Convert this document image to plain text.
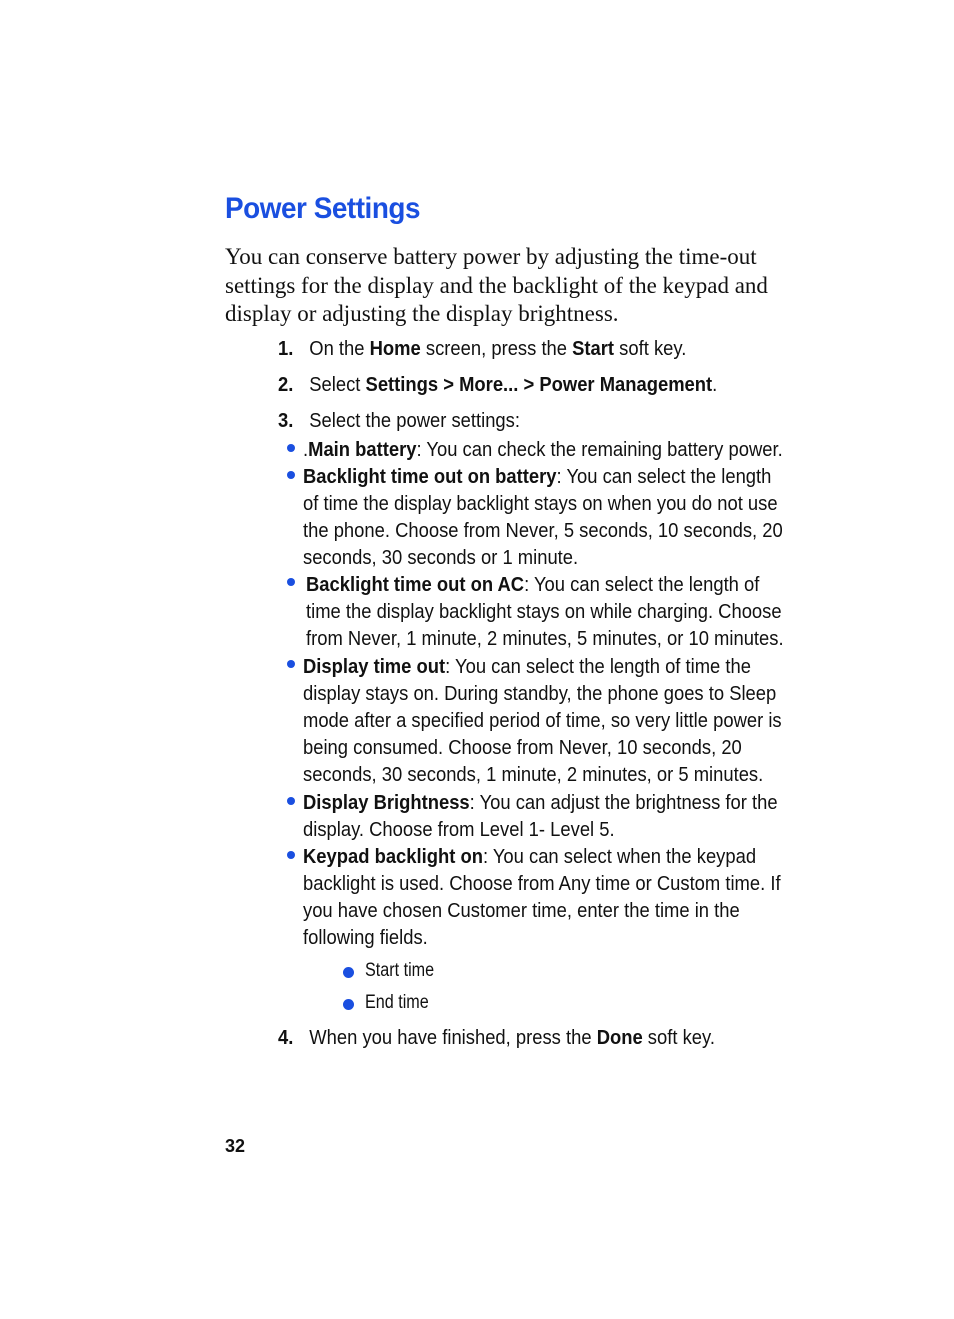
Power Settings
You can conserve battery power by adjusting the time-out settings for the display and the backlight of the keypad and display or adjusting the display brightness.
1. On the Home screen, press the Start soft key.
2. Select Settings > More... > Power Management.
3. Select the power settings:
.Main battery: You can check the remaining battery power.
Backlight time out on battery: You can select the length of time the display backlight stays on when you do not use the phone. Choose from Never, 5 seconds, 10 seconds, 20 seconds, 30 seconds or 1 minute.
Backlight time out on AC: You can select the length of time the display backlight stays on while charging. Choose from Never, 1 minute, 2 minutes, 5 minutes, or 10 minutes.
Display time out: You can select the length of time the display stays on. During standby, the phone goes to Sleep mode after a specified period of time, so very little power is being consumed. Choose from Never, 10 seconds, 20 seconds, 30 seconds, 1 minute, 2 minutes, or 5 minutes.
Display Brightness: You can adjust the brightness for the display. Choose from Level 1- Level 5.
Keypad backlight on: You can select when the keypad backlight is used. Choose from Any time or Custom time. If you have chosen Customer time, enter the time in the following fields.
Start time
End time
4. When you have finished, press the Done soft key.
32
